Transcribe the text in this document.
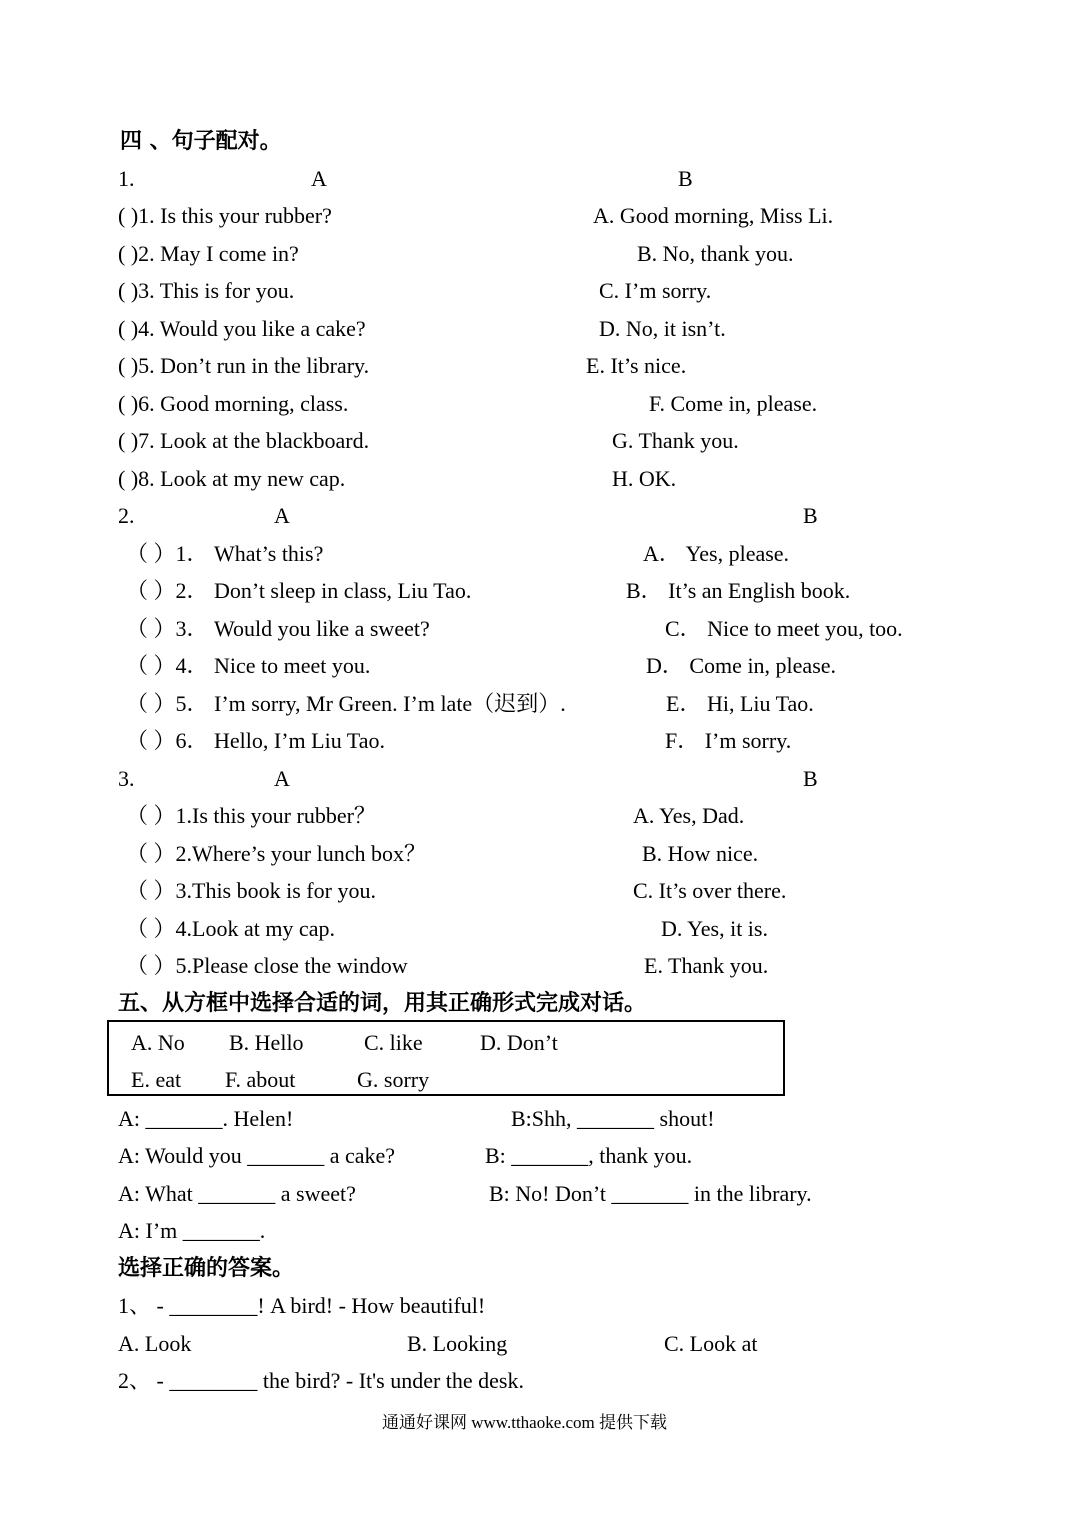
四 、句子配对。
1.	A	B
( )1. Is this your rubber?	A. Good morning, Miss Li.
( )2. May I come in?	B. No, thank you.
( )3. This is for you.	C. I’m sorry.
( )4. Would you like a cake?	D. No, it isn’t.
( )5. Don’t run in the library.	E. It’s nice.
( )6. Good morning, class.	F. Come in, please.
( )7. Look at the blackboard.	G. Thank you.
( )8. Look at my new cap.	H. OK.
2.	A	B
（ ）1． What’s this?	A． Yes, please.
（ ）2． Don’t sleep in class, Liu Tao.	B． It’s an English book.
（ ）3． Would you like a sweet?	C． Nice to meet you, too.
（ ）4． Nice to meet you.	D． Come in, please.
（ ）5． I’m sorry, Mr Green. I’m late（迟到）.	E． Hi, Liu Tao.
（ ）6． Hello, I’m Liu Tao.	F． I’m sorry.
3.	A	B
（ ）1.Is this your rubber？	A. Yes, Dad.
（ ）2.Where’s your lunch box？	B. How nice.
（ ）3.This book is for you.	C. It’s over there.
（ ）4.Look at my cap.	D. Yes, it is.
（ ）5.Please close the window	E. Thank you.
五、从方框中选择合适的词，用其正确形式完成对话。
A. No B. Hello	C. like	D. Don’t
E. eat F. about	G. sorry
A: _______. Helen!	B:Shh, _______ shout!
A: Would you _______ a cake?	B: _______, thank you.
A: What _______ a sweet?	B: No! Don’t _______ in the library.
A: I’m _______.
选择正确的答案。
1、 - ________! A bird! - How beautiful!
A. Look	B. Looking	C. Look at
2、 - ________ the bird? - It's under the desk.
通通好课网 www.tthaoke.com 提供下载
